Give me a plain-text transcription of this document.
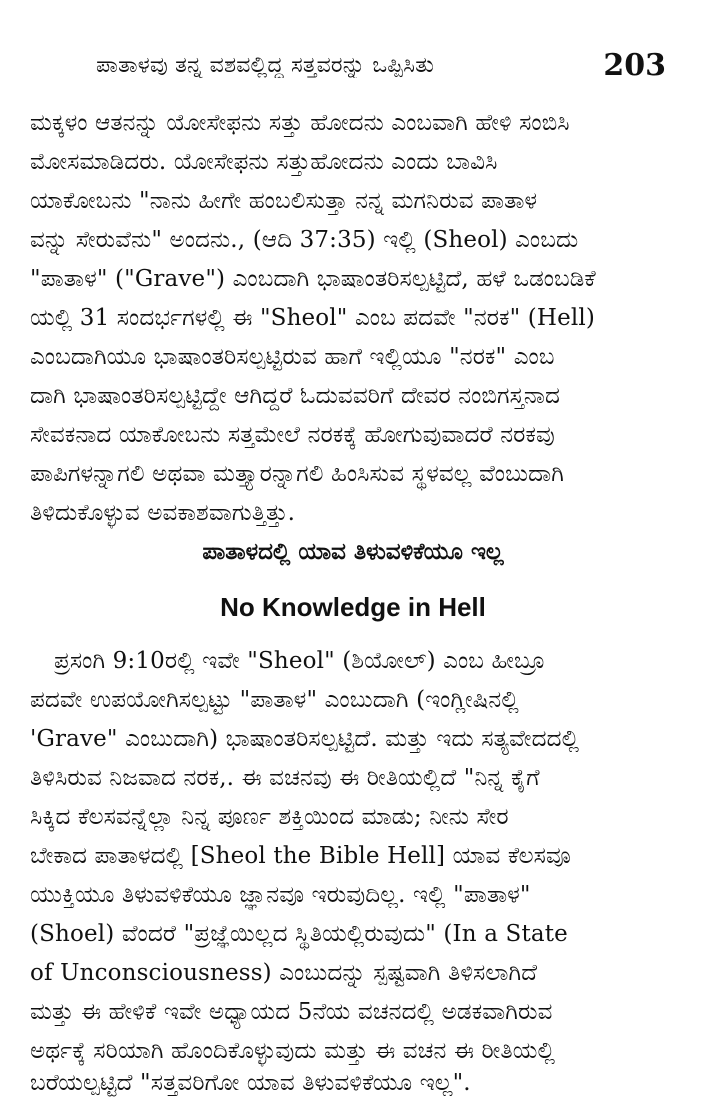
ಪಾತಾಳವು ತನ್ನ ವಶವಲ್ಲಿದ್ದ ಸತ್ತವರನ್ನು ಒಪ್ಪಿಸಿತು	203
ಮಕ್ಕಳಂ ಆತನನ್ನು ಯೋಸೇಫನು ಸತ್ತು ಹೋದನು ಎಂಬವಾಗಿ ಹೇಳಿ ಸಂಬಿಸಿ
ಮೋಸಮಾಡಿದರು. ಯೋಸೇಫನು ಸತ್ತುಹೋದನು ಎಂದು ಬಾವಿಸಿ
ಯಾಕೋಬನು "ನಾನು ಹೀಗೇ ಹಂಬಲಿಸುತ್ತಾ ನನ್ನ ಮಗನಿರುವ ಪಾತಾಳ
ವನ್ನು ಸೇರುವೆನು" ಅಂದನು., (ಆದಿ 37:35) ಇಲ್ಲಿ (Sheol) ಎಂಬದು
"ಪಾತಾಳ" ("Grave") ಎಂಬದಾಗಿ ಭಾಷಾಂತರಿಸಲ್ಪಟ್ಟಿದೆ, ಹಳೆ ಒಡಂಬಡಿಕೆ
ಯಲ್ಲಿ 31 ಸಂದರ್ಭಗಳಲ್ಲಿ ಈ "Sheol" ಎಂಬ ಪದವೇ "ನರಕ" (Hell)
ಎಂಬದಾಗಿಯೂ ಭಾಷಾಂತರಿಸಲ್ಪಟ್ಟಿರುವ ಹಾಗೆ ಇಲ್ಲಿಯೂ "ನರಕ" ಎಂಬ
ದಾಗಿ ಭಾಷಾಂತರಿಸಲ್ಪಟ್ಟಿದ್ದೇ ಆಗಿದ್ದರೆ ಓದುವವರಿಗೆ ದೇವರ ನಂಬಿಗಸ್ತನಾದ
ಸೇವಕನಾದ ಯಾಕೋಬನು ಸತ್ತಮೇಲೆ ನರಕಕ್ಕೆ ಹೋಗುವುವಾದರೆ ನರಕವು
ಪಾಪಿಗಳನ್ನಾಗಲಿ ಅಥವಾ ಮತ್ತ್ಯಾರನ್ನಾಗಲಿ ಹಿಂಸಿಸುವ ಸ್ಥಳವಲ್ಲ ವೆಂಬುದಾಗಿ
ತಿಳಿದುಕೊಳ್ಳುವ ಅವಕಾಶವಾಗುತ್ತಿತ್ತು.
ಪಾತಾಳದಲ್ಲಿ ಯಾವ ತಿಳುವಳಿಕೆಯೂ ಇಲ್ಲ
No Knowledge in Hell
ಪ್ರಸಂಗಿ 9:10ರಲ್ಲಿ ಇವೇ "Sheol" (ಶಿಯೋಲ್) ಎಂಬ ಹೀಬ್ರೂ
ಪದವೇ ಉಪಯೋಗಿಸಲ್ಪಟ್ಟು "ಪಾತಾಳ" ಎಂಬುದಾಗಿ (ಇಂಗ್ಲೀಷಿನಲ್ಲಿ
'Grave" ಎಂಬುದಾಗಿ) ಭಾಷಾಂತರಿಸಲ್ಪಟ್ಟಿದೆ. ಮತ್ತು ಇದು ಸತ್ಯವೇದದಲ್ಲಿ
ತಿಳಿಸಿರುವ ನಿಜವಾದ ನರಕ,. ಈ ವಚನವು ಈ ರೀತಿಯಲ್ಲಿದೆ "ನಿನ್ನ ಕೈಗೆ
ಸಿಕ್ಕಿದ ಕೆಲಸವನ್ನೆಲ್ಲಾ ನಿನ್ನ ಪೂರ್ಣ ಶಕ್ತಿಯಿಂದ ಮಾಡು; ನೀನು ಸೇರ
ಬೇಕಾದ ಪಾತಾಳದಲ್ಲಿ [Sheol the Bible Hell] ಯಾವ ಕೆಲಸವೂ
ಯುಕ್ತಿಯೂ ತಿಳುವಳಿಕೆಯೂ ಜ್ಞಾನವೂ ಇರುವುದಿಲ್ಲ. ಇಲ್ಲಿ "ಪಾತಾಳ"
(Shoel) ವೆಂದರೆ "ಪ್ರಜ್ಞೆಯಿಲ್ಲದ ಸ್ಥಿತಿಯಲ್ಲಿರುವುದು" (In a State
of Unconsciousness) ಎಂಬುದನ್ನು ಸ್ಪಷ್ಟವಾಗಿ ತಿಳಿಸಲಾಗಿದೆ
ಮತ್ತು ಈ ಹೇಳಿಕೆ ಇವೇ ಅಧ್ಯಾಯದ 5ನೆಯ ವಚನದಲ್ಲಿ ಅಡಕವಾಗಿರುವ
ಅರ್ಥಕ್ಕೆ ಸರಿಯಾಗಿ ಹೊಂದಿಕೊಳ್ಳುವುದು ಮತ್ತು ಈ ವಚನ ಈ ರೀತಿಯಲ್ಲಿ
ಬರೆಯಲ್ಪಟ್ಟಿದೆ "ಸತ್ತವರಿಗೋ ಯಾವ ತಿಳುವಳಿಕೆಯೂ ಇಲ್ಲ".
